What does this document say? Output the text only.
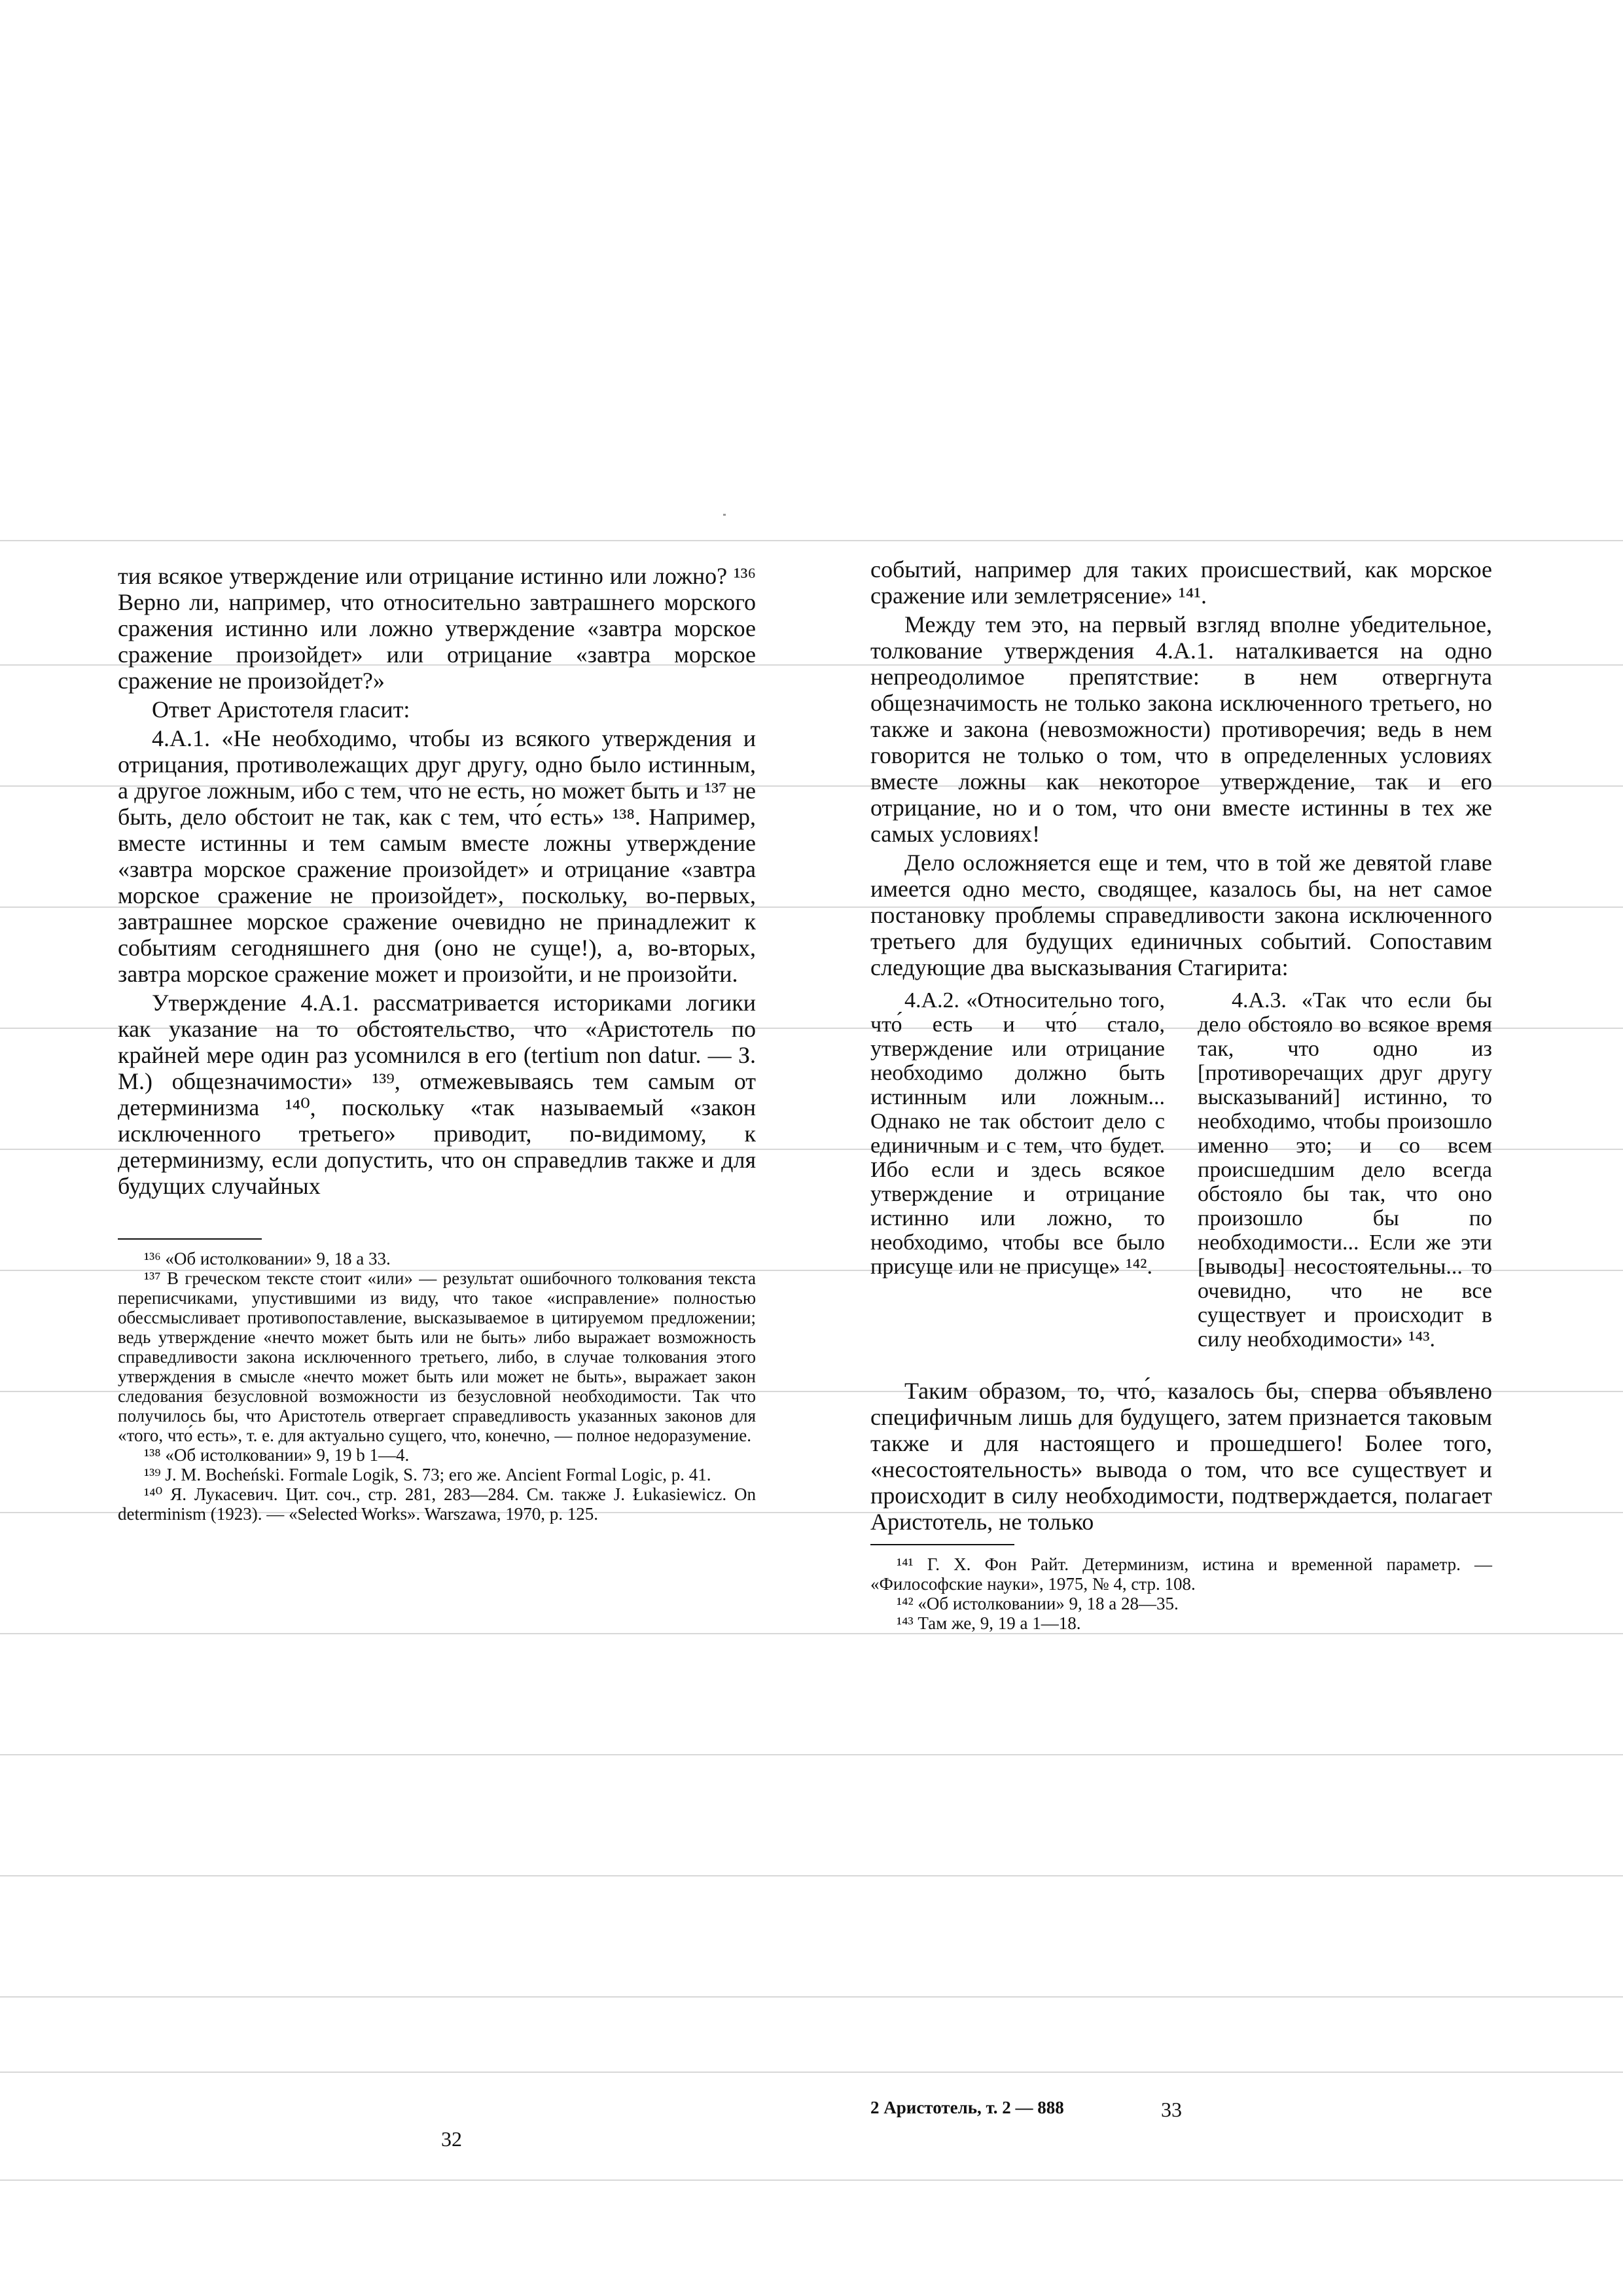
тия всякое утверждение или отрицание истинно или ложно? ¹³⁶ Верно ли, например, что относительно завтрашнего морского сражения истинно или ложно утверждение «завтра морское сражение произойдет» или отрицание «завтра морское сражение не произойдет?»

Ответ Аристотеля гласит:

4.A.1. «Не необходимо, чтобы из всякого утверждения и отрицания, противолежащих друг другу, одно было истинным, а другое ложным, ибо с тем, что́ не есть, но может быть и ¹³⁷ не быть, дело обстоит не так, как с тем, что́ есть» ¹³⁸. Например, вместе истинны и тем самым вместе ложны утверждение «завтра морское сражение произойдет» и отрицание «завтра морское сражение не произойдет», поскольку, во-первых, завтрашнее морское сражение очевидно не принадлежит к событиям сегодняшнего дня (оно не суще!), а, во-вторых, завтра морское сражение может и произойти, и не произойти.

Утверждение 4.A.1. рассматривается историками логики как указание на то обстоятельство, что «Аристотель по крайней мере один раз усомнился в его (tertium non datur. — З. М.) общезначимости» ¹³⁹, отмежевываясь тем самым от детерминизма ¹⁴⁰, поскольку «так называемый «закон исключенного третьего» приводит, по-видимому, к детерминизму, если допустить, что он справедлив также и для будущих случайных

¹³⁶ «Об истолковании» 9, 18 a 33.

¹³⁷ В греческом тексте стоит «или» — результат ошибочного толкования текста переписчиками, упустившими из виду, что такое «исправление» полностью обессмысливает противопоставление, высказываемое в цитируемом предложении; ведь утверждение «нечто может быть или не быть» либо выражает возможность справедливости закона исключенного третьего, либо, в случае толкования этого утверждения в смысле «нечто может быть или может не быть», выражает закон следования безусловной возможности из безусловной необходимости. Так что получилось бы, что Аристотель отвергает справедливость указанных законов для «того, что́ есть», т. е. для актуально сущего, что, конечно, — полное недоразумение.

¹³⁸ «Об истолковании» 9, 19 b 1—4.

¹³⁹ J. M. Bocheński. Formale Logik, S. 73; его же. Ancient Formal Logic, p. 41.

¹⁴⁰ Я. Лукасевич. Цит. соч., стр. 281, 283—284. См. также J. Łukasiewicz. On determinism (1923). — «Selected Works». Warszawa, 1970, p. 125.

32

событий, например для таких происшествий, как морское сражение или землетрясение» ¹⁴¹.

Между тем это, на первый взгляд вполне убедительное, толкование утверждения 4.A.1. наталкивается на одно непреодолимое препятствие: в нем отвергнута общезначимость не только закона исключенного третьего, но также и закона (невозможности) противоречия; ведь в нем говорится не только о том, что в определенных условиях вместе ложны как некоторое утверждение, так и его отрицание, но и о том, что они вместе истинны в тех же самых условиях!

Дело осложняется еще и тем, что в той же девятой главе имеется одно место, сводящее, казалось бы, на нет самое постановку проблемы справедливости закона исключенного третьего для будущих единичных событий. Сопоставим следующие два высказывания Стагирита:

4.A.2. «Относительно того, что́ есть и что́ стало, утверждение или отрицание необходимо должно быть истинным или ложным... Однако не так обстоит дело с единичным и с тем, что будет. Ибо если и здесь всякое утверждение и отрицание истинно или ложно, то необходимо, чтобы все было присуще или не присуще» ¹⁴².

4.A.3. «Так что если бы дело обстояло во всякое время так, что одно из [противоречащих друг другу высказываний] истинно, то необходимо, чтобы произошло именно это; и со всем происшедшим дело всегда обстояло бы так, что оно произошло бы по необходимости... Если же эти [выводы] несостоятельны... то очевидно, что не все существует и происходит в силу необходимости» ¹⁴³.

Таким образом, то, что́, казалось бы, сперва объявлено специфичным лишь для будущего, затем признается таковым также и для настоящего и прошедшего! Более того, «несостоятельность» вывода о том, что все существует и происходит в силу необходимости, подтверждается, полагает Аристотель, не только

¹⁴¹ Г. Х. Фон Райт. Детерминизм, истина и временной параметр. — «Философские науки», 1975, № 4, стр. 108.

¹⁴² «Об истолковании» 9, 18 a 28—35.

¹⁴³ Там же, 9, 19 a 1—18.

2 Аристотель, т. 2 — 888	33
